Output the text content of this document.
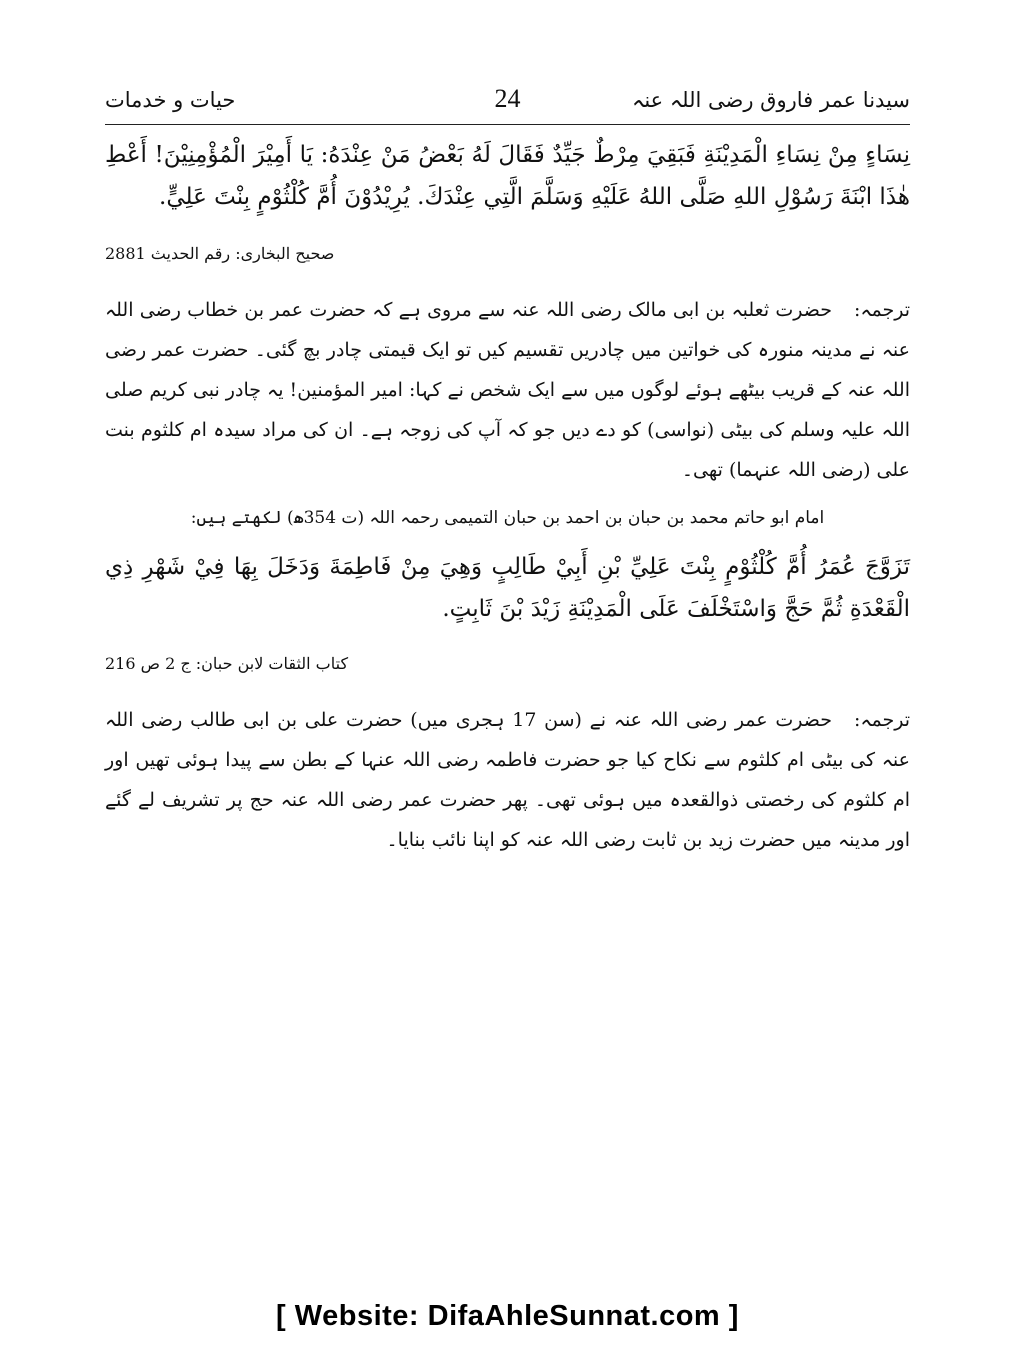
سیدنا عمر فاروق رضی اللہ عنہ
24
حیات و خدمات
نِسَاءٍ مِنْ نِسَاءِ الْمَدِيْنَةِ فَبَقِيَ مِرْطٌ جَيِّدٌ فَقَالَ لَهُ بَعْضُ مَنْ عِنْدَهُ: يَا أَمِيْرَ الْمُؤْمِنِيْنَ! أَعْطِ هٰذَا ابْنَةَ رَسُوْلِ اللهِ صَلَّى اللهُ عَلَيْهِ وَسَلَّمَ الَّتِي عِنْدَكَ. يُرِيْدُوْنَ أُمَّ كُلْثُوْمٍ بِنْتَ عَلِيٍّ.
صحیح البخاری: رقم الحدیث 2881
ترجمہ:حضرت ثعلبہ بن ابی مالک رضی اللہ عنہ سے مروی ہے کہ حضرت عمر بن خطاب رضی اللہ عنہ نے مدینہ منورہ کی خواتین میں چادریں تقسیم کیں تو ایک قیمتی چادر بچ گئی۔ حضرت عمر رضی اللہ عنہ کے قریب بیٹھے ہوئے لوگوں میں سے ایک شخص نے کہا: امیر المؤمنین! یہ چادر نبی کریم صلی اللہ علیہ وسلم کی بیٹی (نواسی) کو دے دیں جو کہ آپ کی زوجہ ہے۔ ان کی مراد سیدہ ام کلثوم بنت علی (رضی اللہ عنہما) تھی۔
امام ابو حاتم محمد بن حبان بن احمد بن حبان التمیمی رحمہ اللہ (ت 354ھ) لکھتے ہیں:
تَزَوَّجَ عُمَرُ أُمَّ كُلْثُوْمٍ بِنْتَ عَلِيِّ بْنِ أَبِيْ طَالِبٍ وَهِيَ مِنْ فَاطِمَةَ وَدَخَلَ بِهَا فِيْ شَهْرِ ذِي الْقَعْدَةِ ثُمَّ حَجَّ وَاسْتَخْلَفَ عَلَى الْمَدِيْنَةِ زَيْدَ بْنَ ثَابِتٍ.
کتاب الثقات لابن حبان: ج 2 ص 216
ترجمہ:حضرت عمر رضی اللہ عنہ نے (سن 17 ہجری میں) حضرت علی بن ابی طالب رضی اللہ عنہ کی بیٹی ام کلثوم سے نکاح کیا جو حضرت فاطمہ رضی اللہ عنہا کے بطن سے پیدا ہوئی تھیں اور ام کلثوم کی رخصتی ذوالقعدہ میں ہوئی تھی۔ پھر حضرت عمر رضی اللہ عنہ حج پر تشریف لے گئے اور مدینہ میں حضرت زید بن ثابت رضی اللہ عنہ کو اپنا نائب بنایا۔
[ Website: DifaAhleSunnat.com ]
